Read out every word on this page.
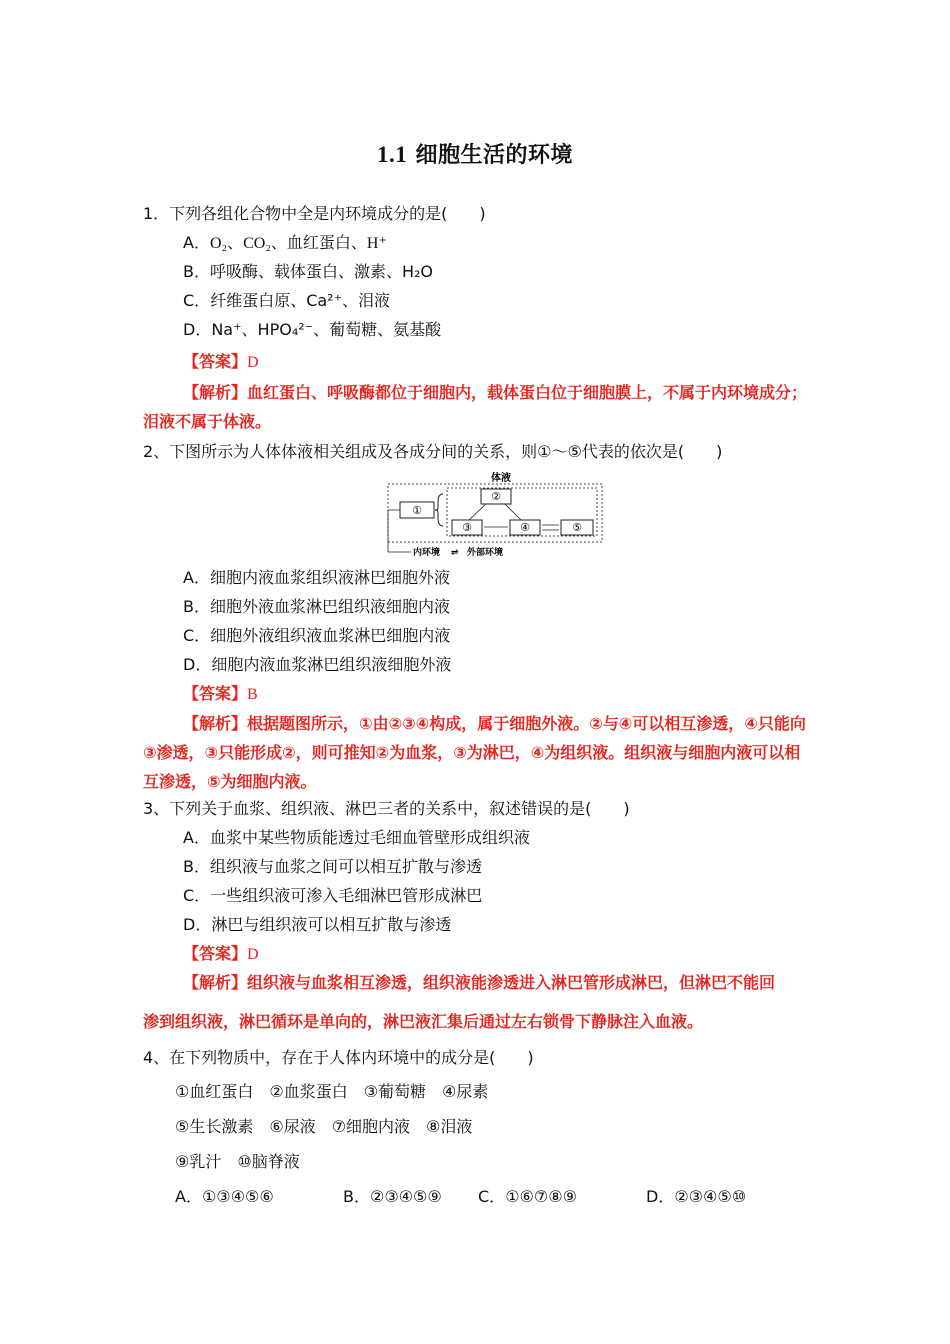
1.1 细胞生活的环境
1．下列各组化合物中全是内环境成分的是(　　)
A．O₂、CO₂、血红蛋白、H⁺
B．呼吸酶、载体蛋白、激素、H₂O
C．纤维蛋白原、Ca²⁺、泪液
D．Na⁺、HPO₄²⁻、葡萄糖、氨基酸
【答案】D
【解析】血红蛋白、呼吸酶都位于细胞内，载体蛋白位于细胞膜上，不属于内环境成分；泪液不属于体液。
2、下图所示为人体体液相关组成及各成分间的关系，则①～⑤代表的依次是(　　)
体液
①
②
③	④	⑤
内环境 ⇌ 外部环境
A．细胞内液血浆组织液淋巴细胞外液
B．细胞外液血浆淋巴组织液细胞内液
C．细胞外液组织液血浆淋巴细胞内液
D．细胞内液血浆淋巴组织液细胞外液
【答案】B
【解析】根据题图所示，①由②③④构成，属于细胞外液。②与④可以相互渗透，④只能向③渗透，③只能形成②，则可推知②为血浆，③为淋巴，④为组织液。组织液与细胞内液可以相互渗透，⑤为细胞内液。
3、下列关于血浆、组织液、淋巴三者的关系中，叙述错误的是(　　)
A．血浆中某些物质能透过毛细血管壁形成组织液
B．组织液与血浆之间可以相互扩散与渗透
C．一些组织液可渗入毛细淋巴管形成淋巴
D．淋巴与组织液可以相互扩散与渗透
【答案】D
【解析】组织液与血浆相互渗透，组织液能渗透进入淋巴管形成淋巴，但淋巴不能回
渗到组织液，淋巴循环是单向的，淋巴液汇集后通过左右锁骨下静脉注入血液。
4、在下列物质中，存在于人体内环境中的成分是(　　)
①血红蛋白　②血浆蛋白　③葡萄糖　④尿素
⑤生长激素　⑥尿液　⑦细胞内液　⑧泪液
⑨乳汁　⑩脑脊液
A．①③④⑤⑥	B．②③④⑤⑨ C．①⑥⑦⑧⑨	D．②③④⑤⑩
